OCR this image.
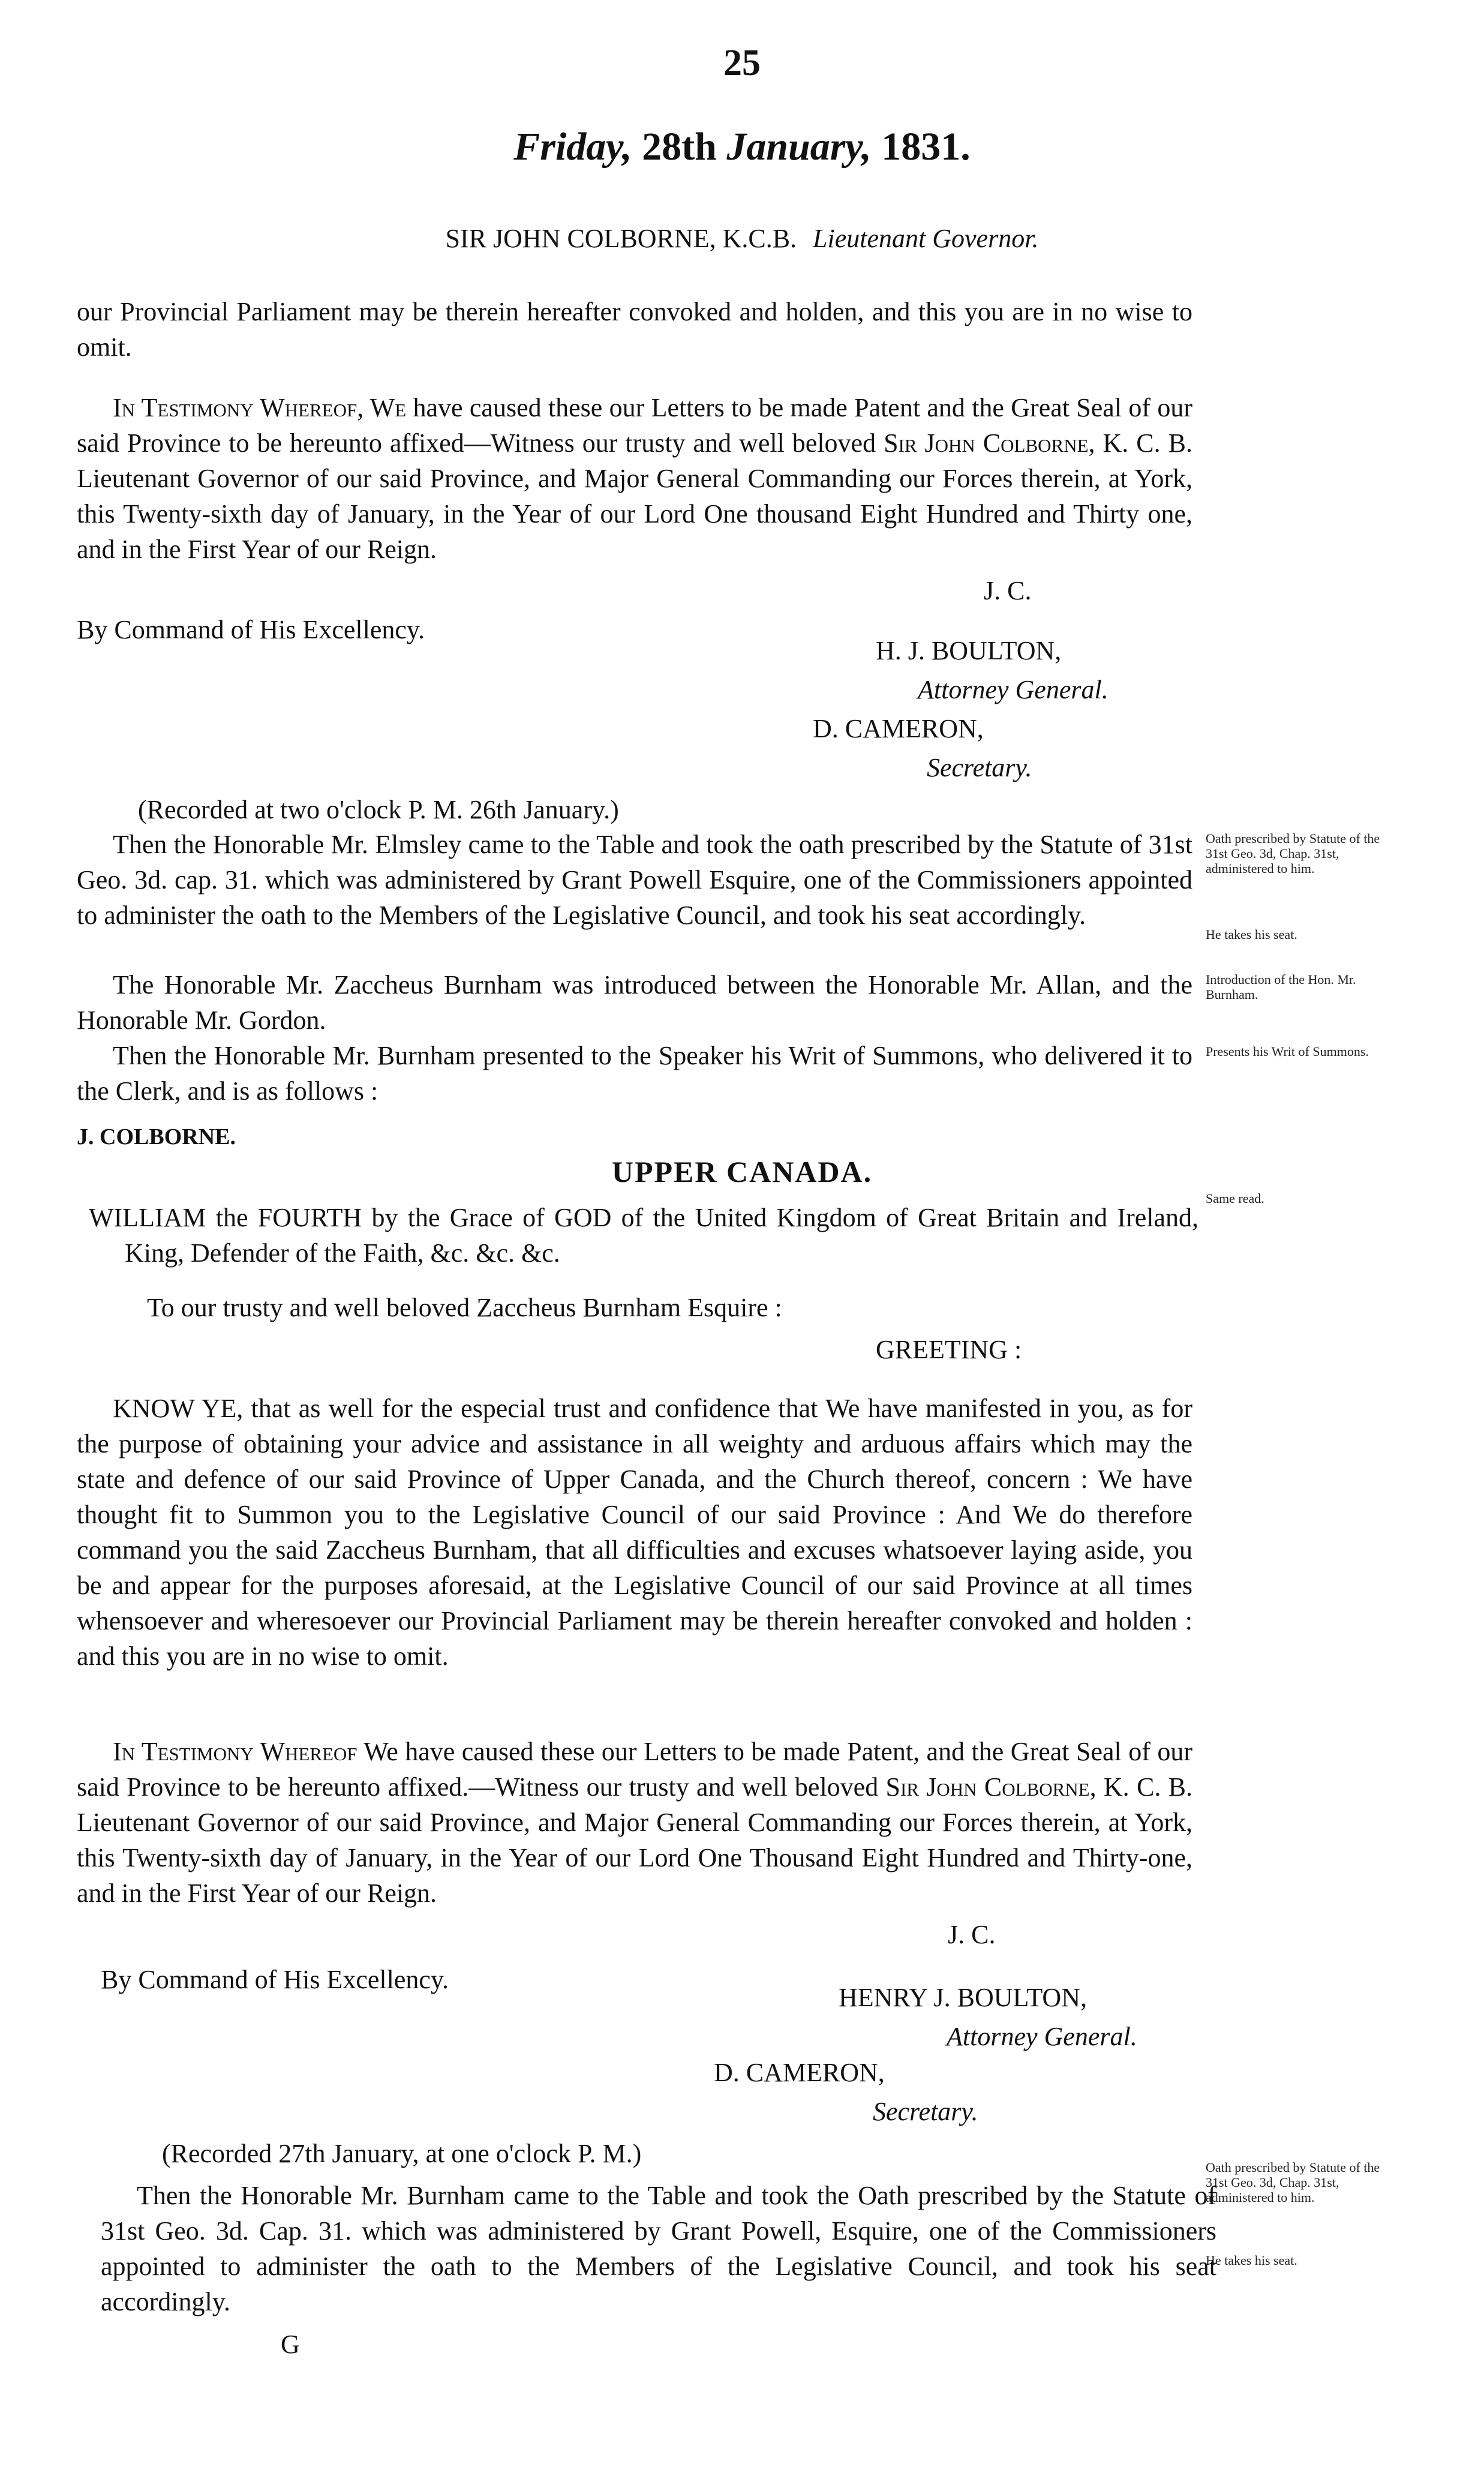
25
Friday, 28th January, 1831.
SIR JOHN COLBORNE, K.C.B. Lieutenant Governor.

our Provincial Parliament may be therein hereafter convoked and holden, and this you are in no wise to omit.

In Testimony Whereof, We have caused these our Letters to be made Patent and the Great Seal of our said Province to be hereunto affixed—Witness our trusty and well beloved Sir John Colborne, K. C. B. Lieutenant Governor of our said Province, and Major General Commanding our Forces therein, at York, this Twenty-sixth day of January, in the Year of our Lord One thousand Eight Hundred and Thirty one, and in the First Year of our Reign.

J. C.
By Command of His Excellency.
H. J. BOULTON,
Attorney General.
D. CAMERON,
Secretary.
(Recorded at two o'clock P. M. 26th January.)

Then the Honorable Mr. Elmsley came to the Table and took the oath prescribed by the Statute of 31st Geo. 3d. cap. 31. which was administered by Grant Powell Esquire, one of the Commissioners appointed to administer the oath to the Members of the Legislative Council, and took his seat accordingly.

The Honorable Mr. Zaccheus Burnham was introduced between the Honorable Mr. Allan, and the Honorable Mr. Gordon.

Then the Honorable Mr. Burnham presented to the Speaker his Writ of Summons, who delivered it to the Clerk, and is as follows :

Oath prescribed by Statute of the 31st Geo. 3d, Chap. 31st, administered to him.
He takes his seat.
Introduction of the Hon. Mr. Burnham.
Presents his Writ of Summons.
Same read.
Oath prescribed by Statute of the 31st Geo. 3d, Chap. 31st, administered to him.
He takes his seat.
J. COLBORNE.
UPPER CANADA.

WILLIAM the FOURTH by the Grace of GOD of the United Kingdom of Great Britain and Ireland, King, Defender of the Faith, &c. &c. &c.

To our trusty and well beloved Zaccheus Burnham Esquire :
GREETING :

KNOW YE, that as well for the especial trust and confidence that We have manifested in you, as for the purpose of obtaining your advice and assistance in all weighty and arduous affairs which may the state and defence of our said Province of Upper Canada, and the Church thereof, concern : We have thought fit to Summon you to the Legislative Council of our said Province : And We do therefore command you the said Zaccheus Burnham, that all difficulties and excuses whatsoever laying aside, you be and appear for the purposes aforesaid, at the Legislative Council of our said Province at all times whensoever and wheresoever our Provincial Parliament may be therein hereafter convoked and holden : and this you are in no wise to omit.

In Testimony Whereof We have caused these our Letters to be made Patent, and the Great Seal of our said Province to be hereunto affixed.—Witness our trusty and well beloved Sir John Colborne, K. C. B. Lieutenant Governor of our said Province, and Major General Commanding our Forces therein, at York, this Twenty-sixth day of January, in the Year of our Lord One Thousand Eight Hundred and Thirty-one, and in the First Year of our Reign.

J. C.
By Command of His Excellency.
HENRY J. BOULTON,
Attorney General.
D. CAMERON,
Secretary.
(Recorded 27th January, at one o'clock P. M.)

Then the Honorable Mr. Burnham came to the Table and took the Oath prescribed by the Statute of 31st Geo. 3d. Cap. 31. which was administered by Grant Powell, Esquire, one of the Commissioners appointed to administer the oath to the Members of the Legislative Council, and took his seat accordingly.

G
